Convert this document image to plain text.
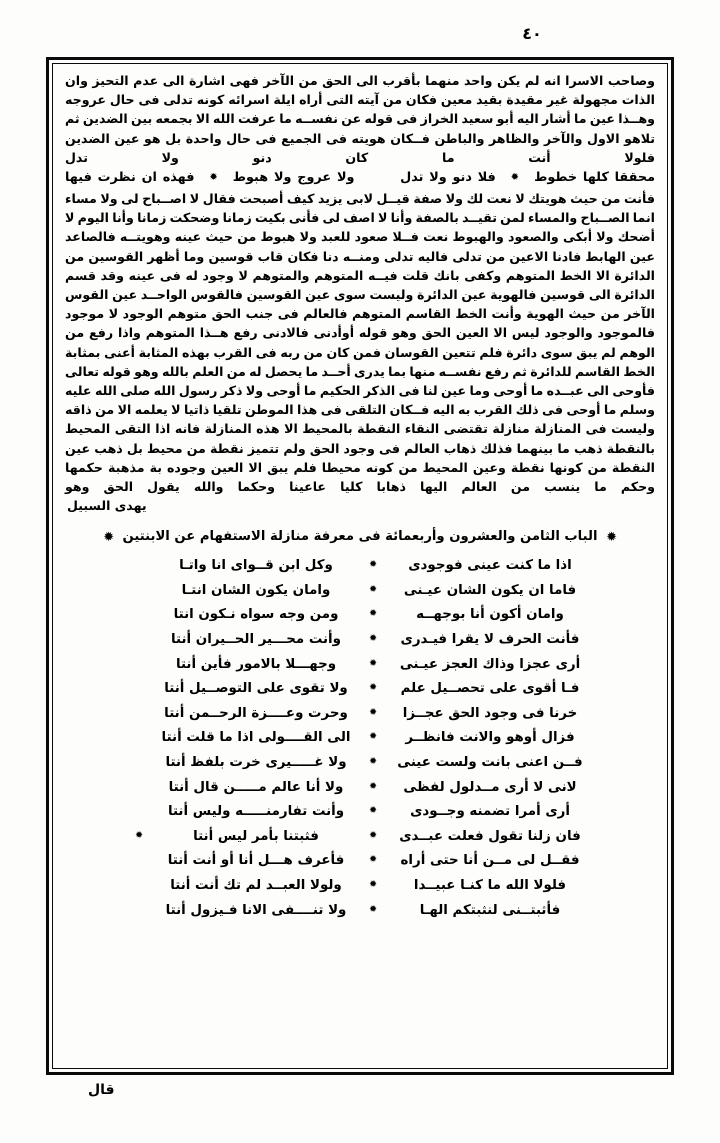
٤٠

وصاحب الاسرا انه لم يكن واحد منهما بأقرب الى الحق من الآخر فهى اشارة الى عدم التحيز وان الذات مجهولة غير مقيدة بقيد معين فكان من آيته التى أراه ايلة اسرائه كونه تدلى فى حال عروجه وهــذا عين ما أشار اليه أبو سعيد الخراز فى قوله عن نفســه ما عرفت الله الا بجمعه بين الضدين ثم تلاهو الاول والآخر والظاهر والباطن فــكان هويته فى الجميع فى حال واحدة بل هو عين الضدين فلولا أنت ما كان دنو ولا تدل

محققا كلها خطوط ✹ فلا دنو ولا تدل  ولا عروج ولا هبوط ✹ فهذه ان نظرت فيها

فأنت من حيث هويتك لا نعت لك ولا صفة قيــل لابى يزيد كيف أصبحت فقال لا اصــباح لى ولا مساء انما الصــباح والمساء لمن تقيــد بالصفة وأنا لا اصف لى فأنى بكيت زمانا وضحكت زمانا وأنا اليوم لا أضحك ولا أبكى والصعود والهبوط نعت فــلا صعود للعبد ولا هبوط من حيث عينه وهويتــه فالصاعد عين الهابط فادنا الاعين من تدلى فاليه تدلى ومنــه دنا فكان قاب قوسين وما أظهر القوسين من الدائرة الا الخط المتوهم وكفى بانك قلت فيــه المتوهم والمتوهم لا وجود له فى عينه وقد قسم الدائرة الى قوسين فالهوية عين الدائرة وليست سوى عين القوسين فالقوس الواحــد عين القوس الآخر من حيث الهوية وأنت الخط القاسم المتوهم فالعالم فى جنب الحق متوهم الوجود لا موجود فالموجود والوجود ليس الا العين الحق وهو قوله أوأدنى فالادنى رفع هــذا المتوهم واذا رفع من الوهم لم يبق سوى دائرة فلم تتعين القوسان فمن كان من ربه فى القرب بهذه المثابة أعنى بمثابة الخط القاسم للدائرة ثم رفع نفســه منها بما يدرى أحــد ما يحصل له من العلم بالله وهو قوله تعالى فأوحى الى عبــده ما أوحى وما عين لنا فى الذكر الحكيم ما أوحى ولا ذكر رسول الله صلى الله عليه وسلم ما أوحى فى ذلك القرب به اليه فــكان التلقى فى هذا الموطن تلقيا ذاتيا لا يعلمه الا من ذاقه وليست فى المنازلة منازلة تقتضى النقاء النقطة بالمحيط الا هذه المنازلة فانه اذا التقى المحيط بالنقطة ذهب ما بينهما فذلك ذهاب العالم فى وجود الحق ولم تتميز نقطة من محيط بل ذهب عين النقطة من كونها نقطة وعين المحيط من كونه محيطا فلم يبق الا العين وجوده بة مذهبة حكمها وحكم ما ينسب من العالم اليها ذهابا كليا عاعينا وحكما والله يقول الحق وهو

يهدى السبيل
✹ الباب الثامن والعشرون وأربعمائة فى معرفة منازلة الاستفهام عن الابنتين ✹
اذا ما كنت عينى فوجودى
✹
وكل ابن قــواى انا واتـا
فاما ان يكون الشان عيـنى
✹
وامان يكون الشان انتـا
وامان أكون أنا بوجهــه
✹
ومن وجه سواه نـكون انتا
فأنت الحرف لا يقرا فيـدرى
✹
وأنت محـــير الحــيران أنتا
أرى عجزا وذاك العجز عيـنى
✹
وجهـــلا بالامور فأين أنتا
فـا أقوى على تحصــيل علم
✹
ولا تقوى على التوصــيل أنتا
خرنا فى وجود الحق عجــزا
✹
وحرت وعــــزة الرحــمن أنتا
فزال أوهو والانت فانظــر
✹
الى القــــولى اذا ما قلت أنتا
فــن اعنى بانت ولست عينى
✹
ولا غـــــيرى خرت بلفظ أنتا
لانى لا أرى مــدلول لفظى
✹
ولا أنا عالم مـــــن قال أنتا
أرى أمرا تضمنه وجــودى
✹
وأنت تفارمنـــــه وليس أنتا
فان زلنا تقول فعلت عبــدى
✹
فثبتنا بأمر ليس أنتا
✹
فقــل لى مــن أنا حتى أراه
✹
فأعرف هـــل أنا أو أنت أنتا
فلولا الله ما كنـا عبيــدا
✹
ولولا العبــد لم تك أنت أنتا
فأثبتــنى لنثبتكم الهـا
✹
ولا تنــــفى الانا فـيزول أنتا
قال
